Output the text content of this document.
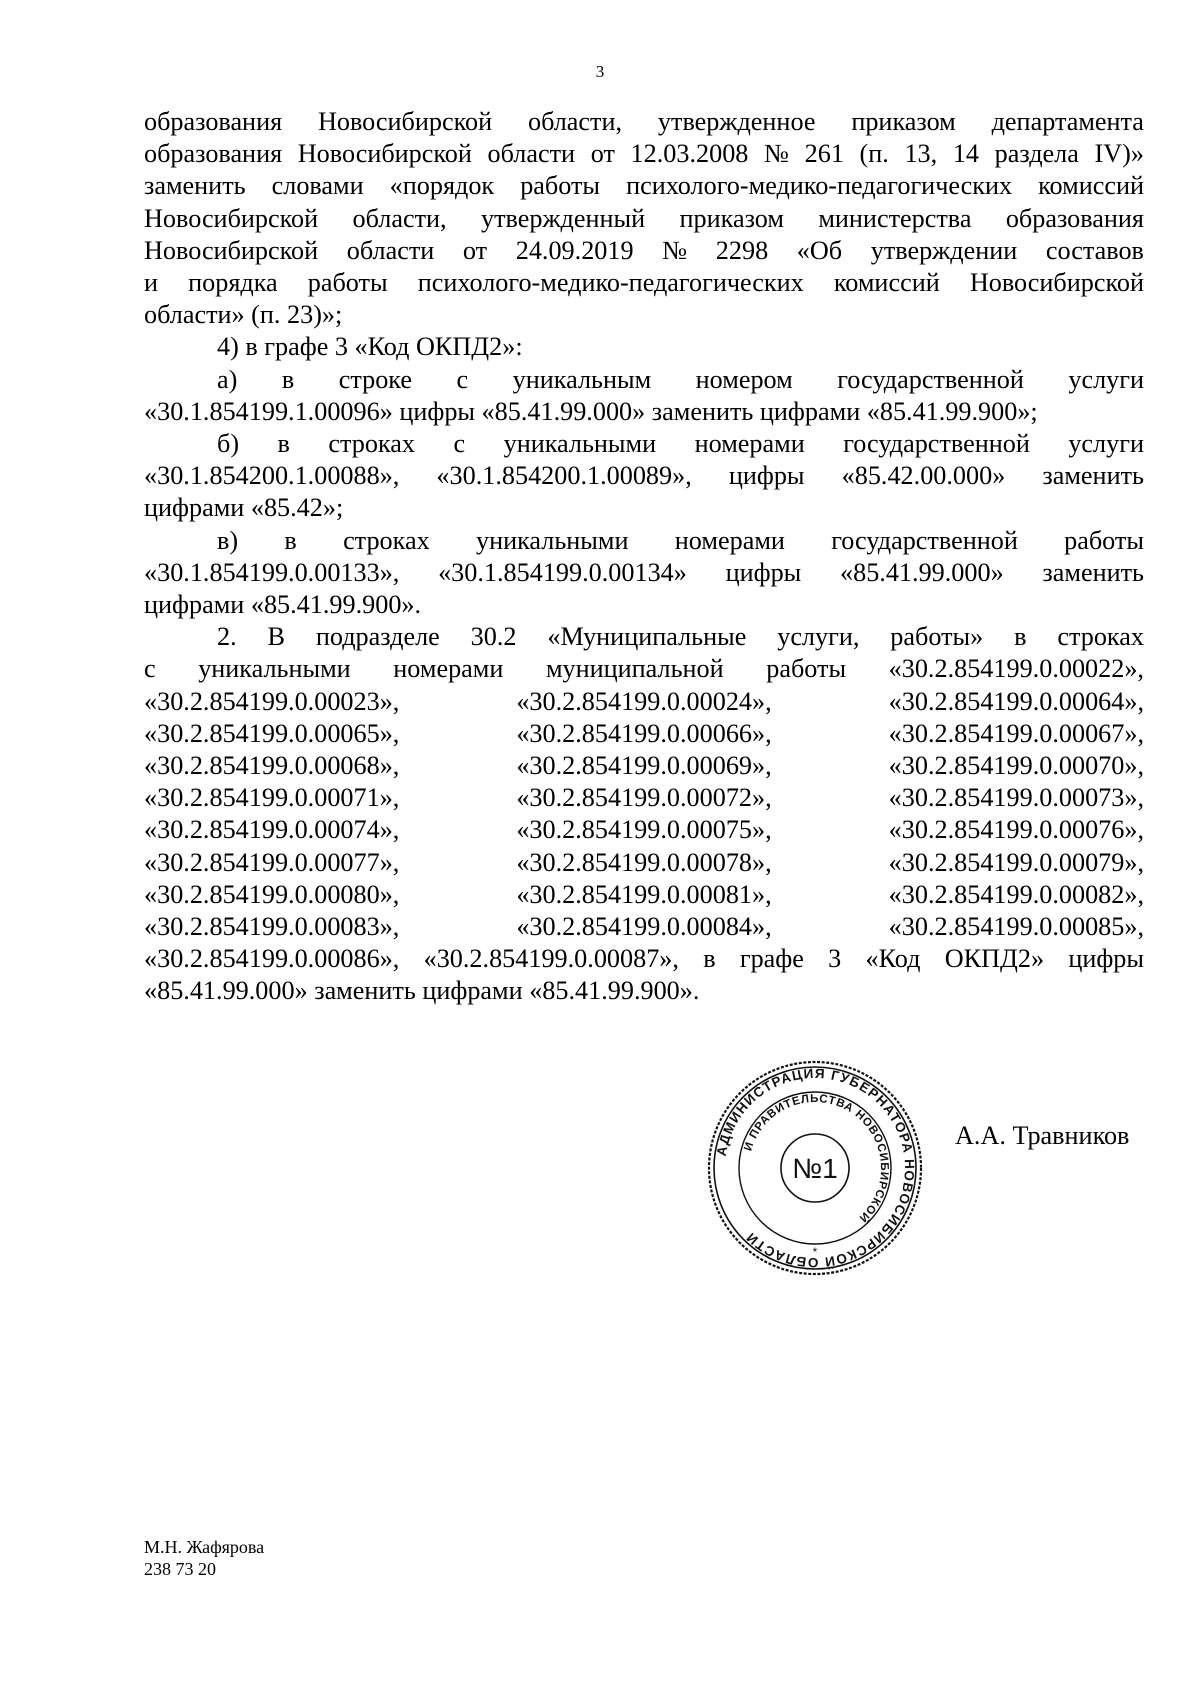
3
образования Новосибирской области, утвержденное приказом департамента
образования Новосибирской области от 12.03.2008 № 261 (п. 13, 14 раздела IV)»
заменить словами «порядок работы психолого-медико-педагогических комиссий
Новосибирской области, утвержденный приказом министерства образования
Новосибирской области от 24.09.2019 № 2298 «Об утверждении составов
и порядка работы психолого-медико-педагогических комиссий Новосибирской
области» (п. 23)»;
4) в графе 3 «Код ОКПД2»:
а) в строке с уникальным номером государственной услуги
«30.1.854199.1.00096» цифры «85.41.99.000» заменить цифрами «85.41.99.900»;
б) в строках с уникальными номерами государственной услуги
«30.1.854200.1.00088», «30.1.854200.1.00089», цифры «85.42.00.000» заменить
цифрами «85.42»;
в) в строках уникальными номерами государственной работы
«30.1.854199.0.00133», «30.1.854199.0.00134» цифры «85.41.99.000» заменить
цифрами «85.41.99.900».
2. В подразделе 30.2 «Муниципальные услуги, работы» в строках
с уникальными номерами муниципальной работы «30.2.854199.0.00022»,
«30.2.854199.0.00023»,	«30.2.854199.0.00024»,	«30.2.854199.0.00064»,
«30.2.854199.0.00065»,	«30.2.854199.0.00066»,	«30.2.854199.0.00067»,
«30.2.854199.0.00068»,	«30.2.854199.0.00069»,	«30.2.854199.0.00070»,
«30.2.854199.0.00071»,	«30.2.854199.0.00072»,	«30.2.854199.0.00073»,
«30.2.854199.0.00074»,	«30.2.854199.0.00075»,	«30.2.854199.0.00076»,
«30.2.854199.0.00077»,	«30.2.854199.0.00078»,	«30.2.854199.0.00079»,
«30.2.854199.0.00080»,	«30.2.854199.0.00081»,	«30.2.854199.0.00082»,
«30.2.854199.0.00083»,	«30.2.854199.0.00084»,	«30.2.854199.0.00085»,
«30.2.854199.0.00086», «30.2.854199.0.00087», в графе 3 «Код ОКПД2» цифры
«85.41.99.000» заменить цифрами «85.41.99.900».
АДМИНИСТРАЦИЯ ГУБЕРНАТОРА НОВОСИБИРСКОЙ ОБЛАСТИ
И ПРАВИТЕЛЬСТВА НОВОСИБИРСКОЙ
№1
*
А.А. Травников
М.Н. Жафярова
238 73 20
